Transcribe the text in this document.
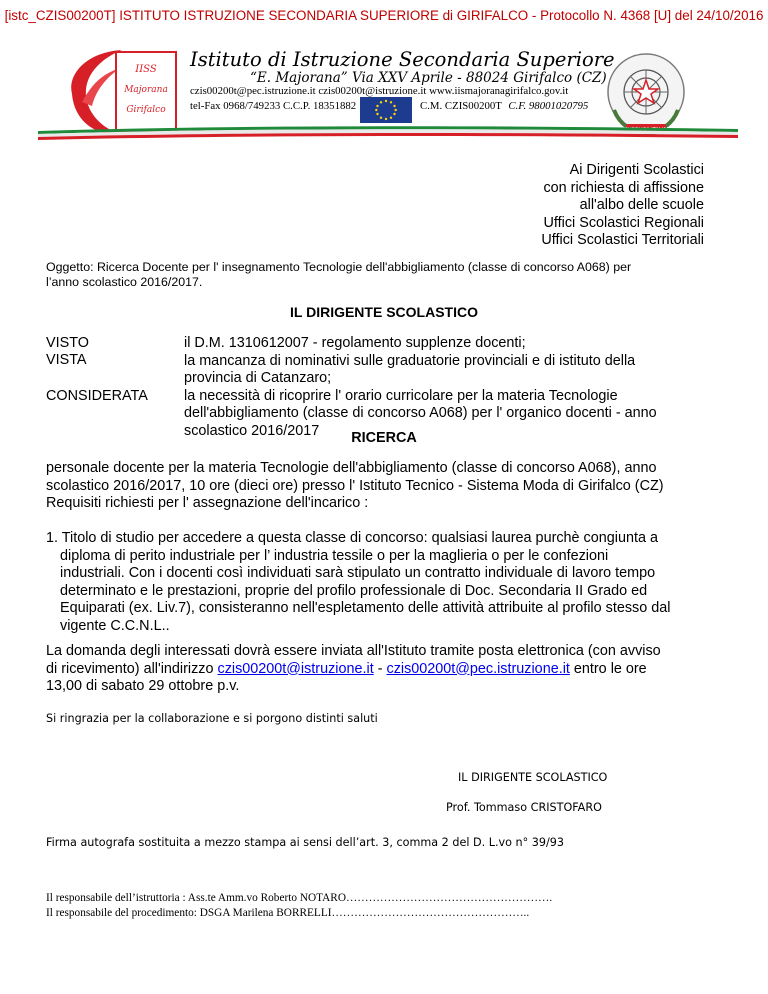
[istc_CZIS00200T] ISTITUTO ISTRUZIONE SECONDARIA SUPERIORE di GIRIFALCO - Protocollo N. 4368 [U] del 24/10/2016
IISS
Majorana
Girifalco
Istituto di Istruzione Secondaria Superiore
“E. Majorana” Via XXV Aprile - 88024 Girifalco (CZ)
czis00200t@pec.istruzione.it czis00200t@istruzione.it www.iismajoranagirifalco.gov.it
tel-Fax 0968/749233 C.C.P. 18351882	C.M. CZIS00200T C.F. 98001020795
Ai Dirigenti Scolastici
con richiesta di affissione
all'albo delle scuole
Uffici Scolastici Regionali
Uffici Scolastici Territoriali
Oggetto: Ricerca Docente per l' insegnamento Tecnologie dell'abbigliamento (classe di concorso A068) per
l’anno scolastico 2016/2017.
IL DIRIGENTE SCOLASTICO
VISTO
VISTA
CONSIDERATA
il D.M. 1310612007 - regolamento supplenze docenti;
la mancanza di nominativi sulle graduatorie provinciali e di istituto della
provincia di Catanzaro;
la necessità di ricoprire l' orario curricolare per la materia Tecnologie
dell'abbigliamento (classe di concorso A068) per l' organico docenti - anno
scolastico 2016/2017	RICERCA
personale docente per la materia Tecnologie dell'abbigliamento (classe di concorso A068), anno
scolastico 2016/2017, 10 ore (dieci ore) presso l' Istituto Tecnico - Sistema Moda di Girifalco (CZ)
Requisiti richiesti per l' assegnazione dell'incarico :
1. Titolo di studio per accedere a questa classe di concorso: qualsiasi laurea purchè congiunta a
diploma di perito industriale per l’ industria tessile o per la maglieria o per le confezioni
industriali. Con i docenti così individuati sarà stipulato un contratto individuale di lavoro tempo
determinato e le prestazioni, proprie del profilo professionale di Doc. Secondaria II Grado ed
Equiparati (ex. Liv.7), consisteranno nell'espletamento delle attività attribuite al profilo stesso dal
vigente C.C.N.L..
La domanda degli interessati dovrà essere inviata all'Istituto tramite posta elettronica (con avviso
di ricevimento) all'indirizzo czis00200t@istruzione.it - czis00200t@pec.istruzione.it entro le ore
13,00 di sabato 29 ottobre p.v.
Si ringrazia per la collaborazione e si porgono distinti saluti
IL DIRIGENTE SCOLASTICO
Prof. Tommaso CRISTOFARO
Firma autografa sostituita a mezzo stampa ai sensi dell’art. 3, comma 2 del D. L.vo n° 39/93
Il responsabile dell’istruttoria : Ass.te Amm.vo Roberto NOTARO……………………………………………….
Il responsabile del procedimento: DSGA Marilena BORRELLI……………………………………………..
